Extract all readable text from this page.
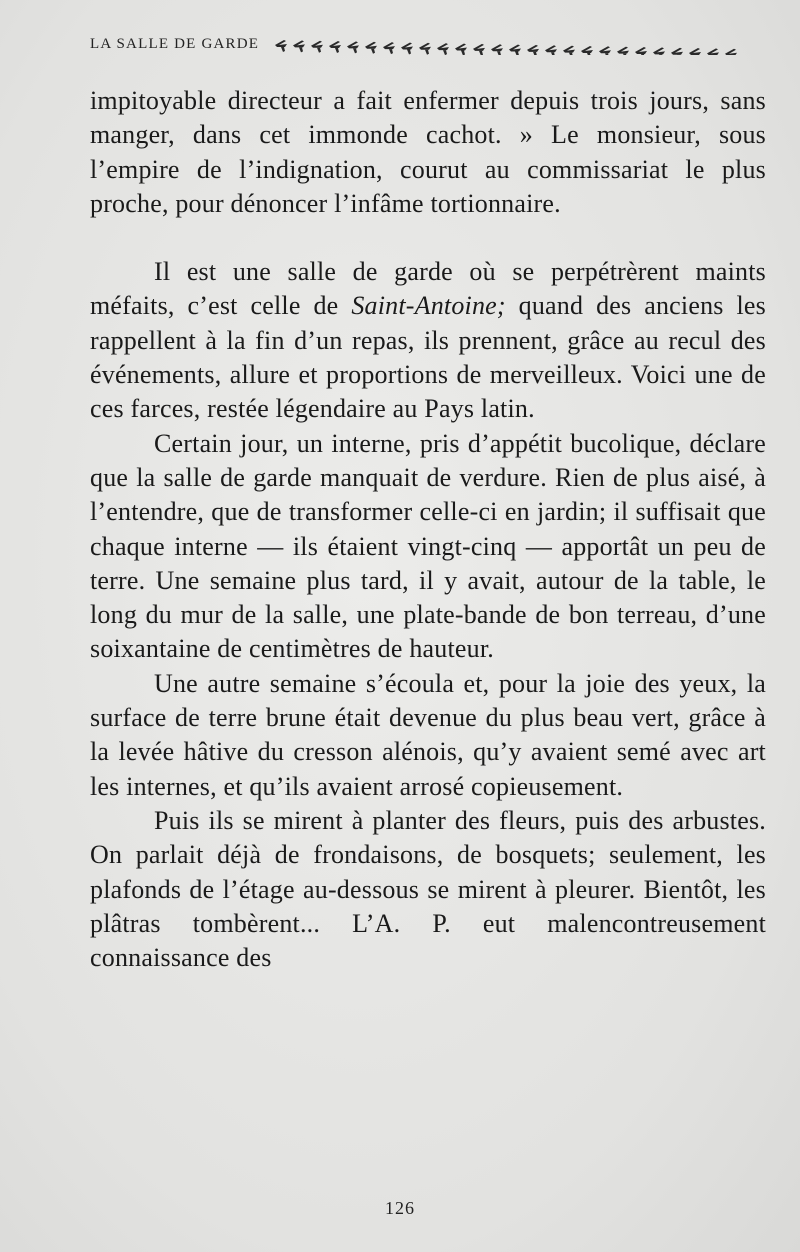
LA SALLE DE GARDE

impitoyable directeur a fait enfermer depuis trois jours, sans manger, dans cet immonde cachot. » Le monsieur, sous l’empire de l’indignation, courut au commissariat le plus proche, pour dénoncer l’infâme tortionnaire.

Il est une salle de garde où se perpétrèrent maints méfaits, c’est celle de Saint-Antoine; quand des anciens les rappellent à la fin d’un repas, ils prennent, grâce au recul des événements, allure et proportions de merveilleux. Voici une de ces farces, restée légendaire au Pays latin.

Certain jour, un interne, pris d’appétit bucolique, déclare que la salle de garde manquait de verdure. Rien de plus aisé, à l’entendre, que de transformer celle-ci en jardin; il suffisait que chaque interne — ils étaient vingt-cinq — apportât un peu de terre. Une semaine plus tard, il y avait, autour de la table, le long du mur de la salle, une plate-bande de bon terreau, d’une soixantaine de centimètres de hauteur.

Une autre semaine s’écoula et, pour la joie des yeux, la surface de terre brune était devenue du plus beau vert, grâce à la levée hâtive du cresson alénois, qu’y avaient semé avec art les internes, et qu’ils avaient arrosé copieusement.

Puis ils se mirent à planter des fleurs, puis des arbustes. On parlait déjà de frondaisons, de bosquets; seulement, les plafonds de l’étage au-dessous se mirent à pleurer. Bientôt, les plâtras tombèrent... L’A. P. eut malencontreusement connaissance des

126
